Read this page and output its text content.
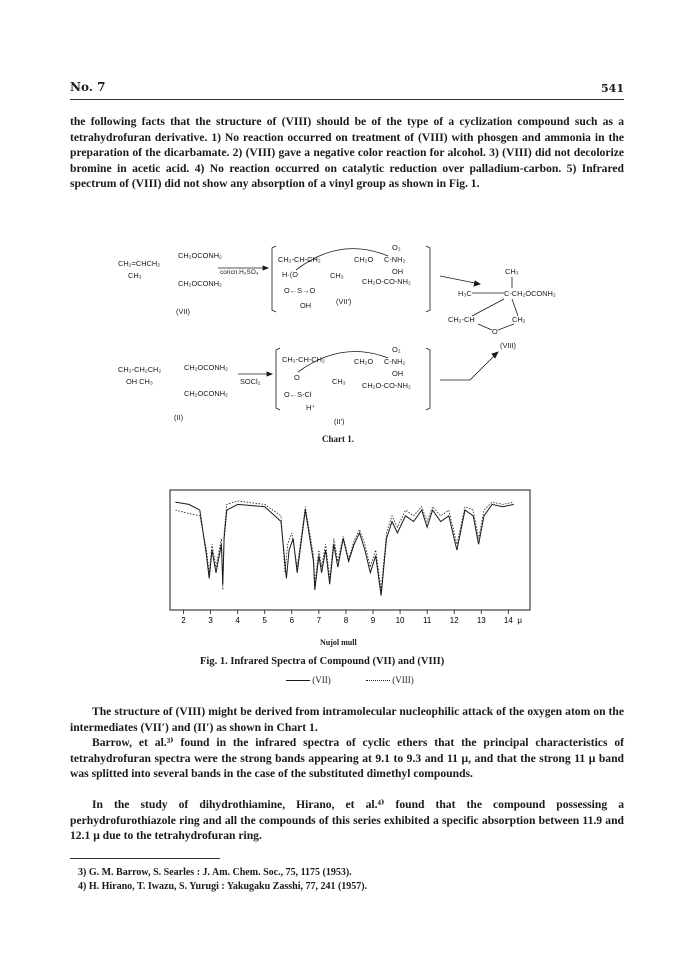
No. 7	541
the following facts that the structure of (VIII) should be of the type of a cyclization compound such as a tetrahydrofuran derivative. 1) No reaction occurred on treatment of (VIII) with phosgen and ammonia in the preparation of the dicarbamate. 2) (VIII) gave a negative color reaction for alcohol. 3) (VIII) did not decolorize bromine in acetic acid. 4) No reaction occurred on catalytic reduction over palladium-carbon. 5) Infrared spectrum of (VIII) did not show any absorption of a vinyl group as shown in Fig. 1.
CH₂=CHCH₂
CH₃
CH₂OCONH₂
CH₂OCONH₂
(VII)
concn.H₂SO₄
CH₂-CH-CH₂
H·(O
O←S→O
OH
CH₃
CH₂O C-NH₂
O₂
OH
CH₂O-CO-NH₂
(VII′)
CH₃
H₃C	C-CH₂OCONH₂
CH₂-CH	CH₂
O
(VIII)
CH₃-CH₂CH₂
OH CH₃
CH₂OCONH₂
CH₂OCONH₂
SOCl₂
(II)
CH₃-CH-CH₂
O
O←S-Cl
H⁺
CH₃
CH₂O C-NH₂
O₂
OH
CH₂O-CO-NH₂
(II′)
Chart 1.
2	3	4	5	6	7	8	9	10 11 12 13 14 μ
Nujol mull
Fig. 1. Infrared Spectra of Compound (VII) and (VIII)
(VII)	(VIII)
The structure of (VIII) might be derived from intramolecular nucleophilic attack of the oxygen atom on the intermediates (VII′) and (II′) as shown in Chart 1.
Barrow, et al.³⁾ found in the infrared spectra of cyclic ethers that the principal characteristics of tetrahydrofuran spectra were the strong bands appearing at 9.1 to 9.3 and 11 μ, and that the strong 11 μ band was splitted into several bands in the case of the substituted dimethyl compounds.
In the study of dihydrothiamine, Hirano, et al.⁴⁾ found that the compound possessing a perhydrofurothiazole ring and all the compounds of this series exhibited a specific absorption between 11.9 and 12.1 μ due to the tetrahydrofuran ring.
3) G. M. Barrow, S. Searles : J. Am. Chem. Soc., 75, 1175 (1953).
4) H. Hirano, T. Iwazu, S. Yurugi : Yakugaku Zasshi, 77, 241 (1957).
